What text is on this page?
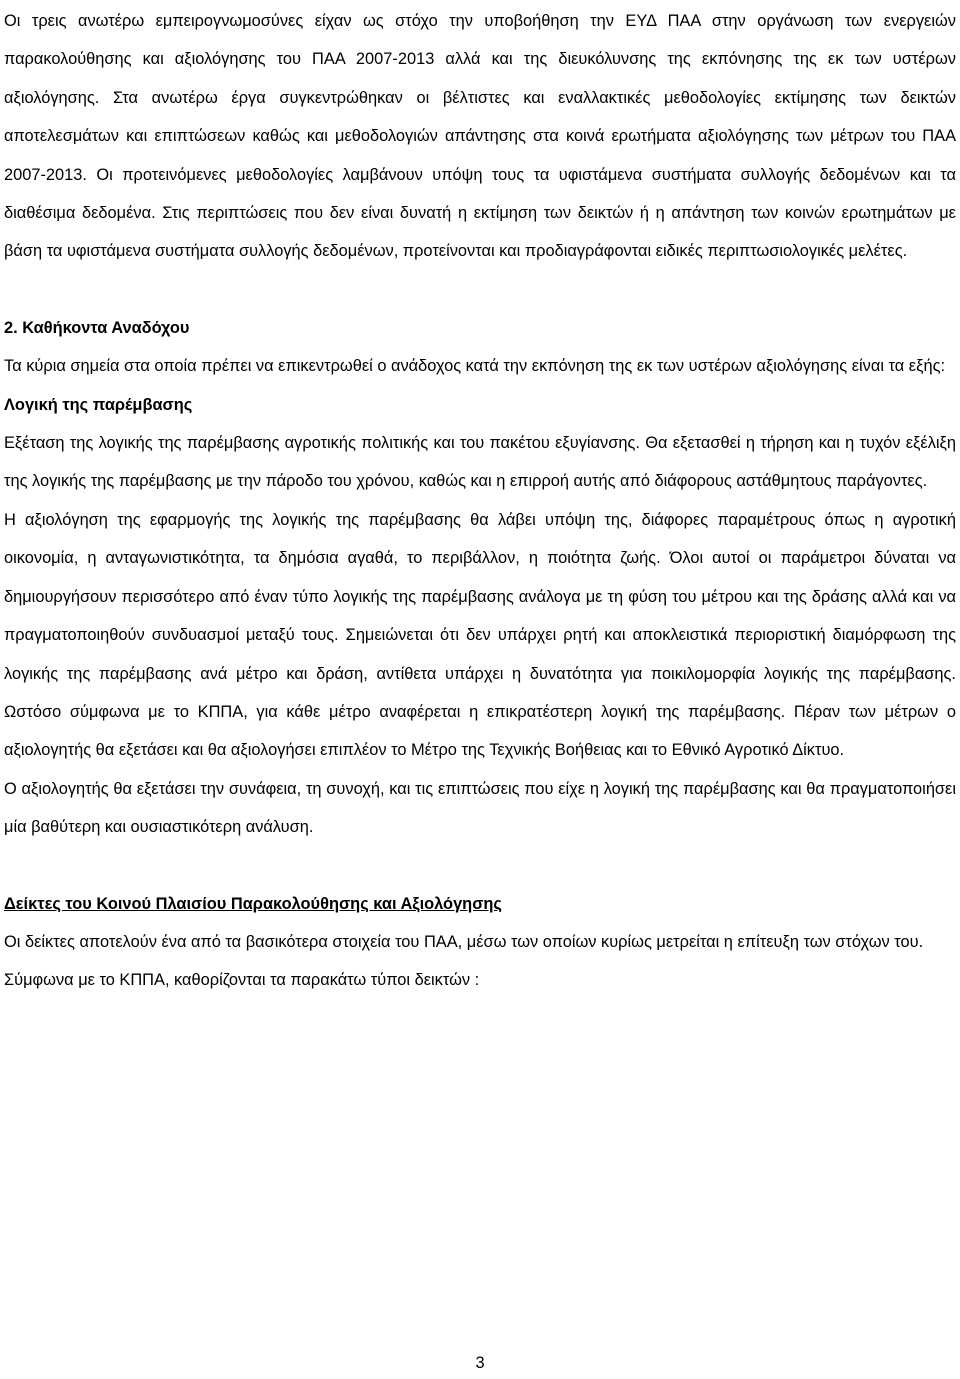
Οι τρεις ανωτέρω εμπειρογνωμοσύνες είχαν ως στόχο την υποβοήθηση την ΕΥΔ ΠΑΑ στην οργάνωση των ενεργειών παρακολούθησης και αξιολόγησης του ΠΑΑ 2007-2013 αλλά και της διευκόλυνσης της εκπόνησης της εκ των υστέρων αξιολόγησης. Στα ανωτέρω έργα συγκεντρώθηκαν οι βέλτιστες και εναλλακτικές μεθοδολογίες εκτίμησης των δεικτών αποτελεσμάτων και επιπτώσεων καθώς και μεθοδολογιών απάντησης στα κοινά ερωτήματα αξιολόγησης των μέτρων του ΠΑΑ 2007-2013. Οι προτεινόμενες μεθοδολογίες λαμβάνουν υπόψη τους τα υφιστάμενα συστήματα συλλογής δεδομένων και τα διαθέσιμα δεδομένα. Στις περιπτώσεις που δεν είναι δυνατή η εκτίμηση των δεικτών ή η απάντηση των κοινών ερωτημάτων με βάση τα υφιστάμενα συστήματα συλλογής δεδομένων, προτείνονται και προδιαγράφονται ειδικές περιπτωσιολογικές μελέτες.

2. Καθήκοντα Αναδόχου

Τα κύρια σημεία στα οποία πρέπει να επικεντρωθεί ο ανάδοχος κατά την εκπόνηση της εκ των υστέρων αξιολόγησης είναι τα εξής:

Λογική της παρέμβασης

Εξέταση της λογικής της παρέμβασης αγροτικής πολιτικής και του πακέτου εξυγίανσης. Θα εξετασθεί η τήρηση και η τυχόν εξέλιξη της λογικής της παρέμβασης με την πάροδο του χρόνου, καθώς και η επιρροή αυτής από διάφορους αστάθμητους παράγοντες.

Η αξιολόγηση της εφαρμογής της λογικής της παρέμβασης θα λάβει υπόψη της, διάφορες παραμέτρους όπως η αγροτική οικονομία, η ανταγωνιστικότητα, τα δημόσια αγαθά, το περιβάλλον, η ποιότητα ζωής. Όλοι αυτοί οι παράμετροι δύναται να δημιουργήσουν περισσότερο από έναν τύπο λογικής της παρέμβασης ανάλογα με τη φύση του μέτρου και της δράσης αλλά και να πραγματοποιηθούν συνδυασμοί μεταξύ τους. Σημειώνεται ότι δεν υπάρχει ρητή και αποκλειστικά περιοριστική διαμόρφωση της λογικής της παρέμβασης ανά μέτρο και δράση, αντίθετα υπάρχει η δυνατότητα για ποικιλομορφία λογικής της παρέμβασης. Ωστόσο σύμφωνα με το ΚΠΠΑ, για κάθε μέτρο αναφέρεται η επικρατέστερη λογική της παρέμβασης. Πέραν των μέτρων ο αξιολογητής θα εξετάσει και θα αξιολογήσει επιπλέον το Μέτρο της Τεχνικής Βοήθειας και το Εθνικό Αγροτικό Δίκτυο.

Ο αξιολογητής θα εξετάσει την συνάφεια, τη συνοχή, και τις επιπτώσεις που είχε η λογική της παρέμβασης και θα πραγματοποιήσει μία βαθύτερη και ουσιαστικότερη ανάλυση.

Δείκτες του Κοινού Πλαισίου Παρακολούθησης και Αξιολόγησης

Οι δείκτες αποτελούν ένα από τα βασικότερα στοιχεία του ΠΑΑ, μέσω των οποίων κυρίως μετρείται η επίτευξη των στόχων του.

Σύμφωνα με το ΚΠΠΑ, καθορίζονται τα παρακάτω τύποι δεικτών :

3
